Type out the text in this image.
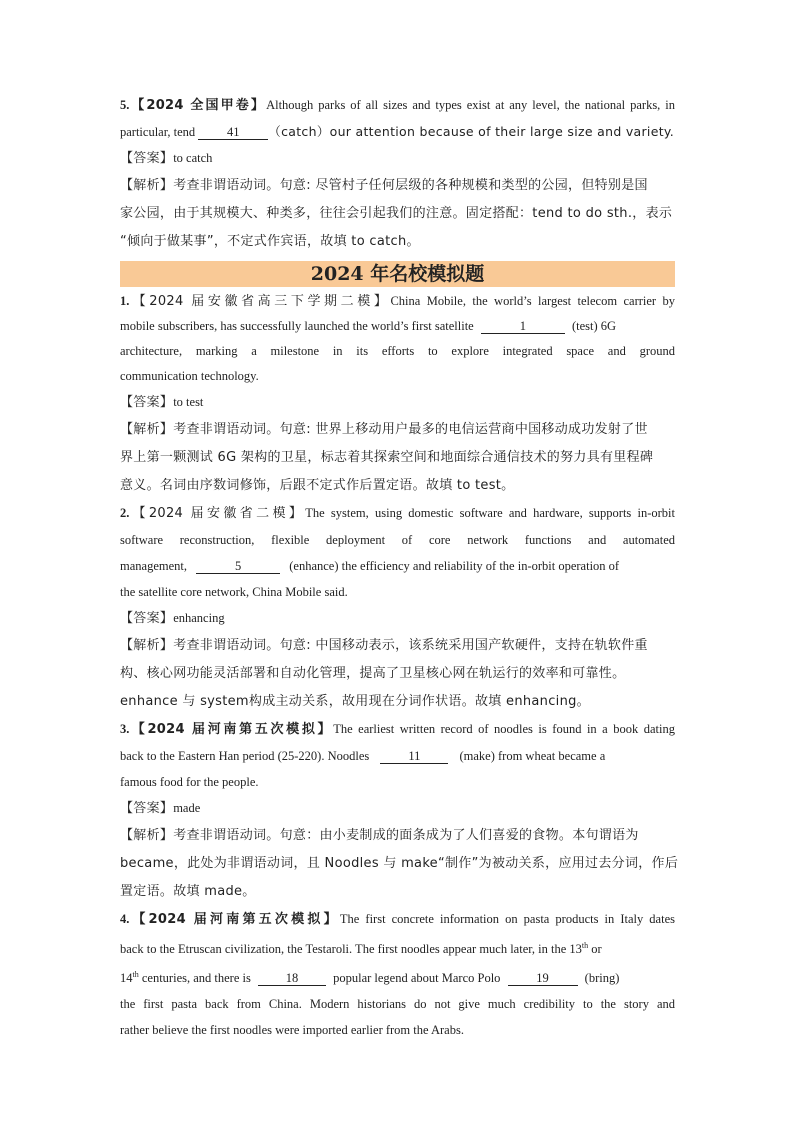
5.【2024 全国甲卷】Although parks of all sizes and types exist at any level, the national parks, in
particular, tend 41 （catch）our attention because of their large size and variety.
【答案】to catch
【解析】考查非谓语动词。句意: 尽管村子任何层级的各种规模和类型的公园，但特别是国
家公园，由于其规模大、种类多，往往会引起我们的注意。固定搭配：tend to do sth.，表示
“倾向于做某事”，不定式作宾语，故填 to catch。
2024 年名校模拟题
1.【2024 届安徽省高三下学期二模】China Mobile, the world’s largest telecom carrier by
mobile subscribers, has successfully launched the world’s first satellite	1	(test) 6G
architecture, marking a milestone in its efforts to explore integrated space and ground
communication technology.
【答案】to test
【解析】考查非谓语动词。句意: 世界上移动用户最多的电信运营商中国移动成功发射了世
界上第一颗测试 6G 架构的卫星，标志着其探索空间和地面综合通信技术的努力具有里程碑
意义。名词由序数词修饰，后跟不定式作后置定语。故填 to test。
2.【2024 届安徽省二模】The system, using domestic software and hardware, supports in-orbit
software reconstruction, flexible deployment of core network functions and automated
management,	5	(enhance) the efficiency and reliability of the in-orbit operation of
the satellite core network, China Mobile said.
【答案】enhancing
【解析】考查非谓语动词。句意: 中国移动表示，该系统采用国产软硬件，支持在轨软件重
构、核心网功能灵活部署和自动化管理，提高了卫星核心网在轨运行的效率和可靠性。
enhance 与 system构成主动关系，故用现在分词作状语。故填 enhancing。
3.【2024 届河南第五次模拟】The earliest written record of noodles is found in a book dating
back to the Eastern Han period (25-220). Noodles	11	(make) from wheat became a
famous food for the people.
【答案】made
【解析】考查非谓语动词。句意：由小麦制成的面条成为了人们喜爱的食物。本句谓语为
became，此处为非谓语动词，且 Noodles 与 make“制作”为被动关系，应用过去分词，作后
置定语。故填 made。
4.【2024 届河南第五次模拟】The first concrete information on pasta products in Italy dates
back to the Etruscan civilization, the Testaroli. The first noodles appear much later, in the 13th or
14th centuries, and there is	18	popular legend about Marco Polo	19	(bring)
the first pasta back from China. Modern historians do not give much credibility to the story and
rather believe the first noodles were imported earlier from the Arabs.
